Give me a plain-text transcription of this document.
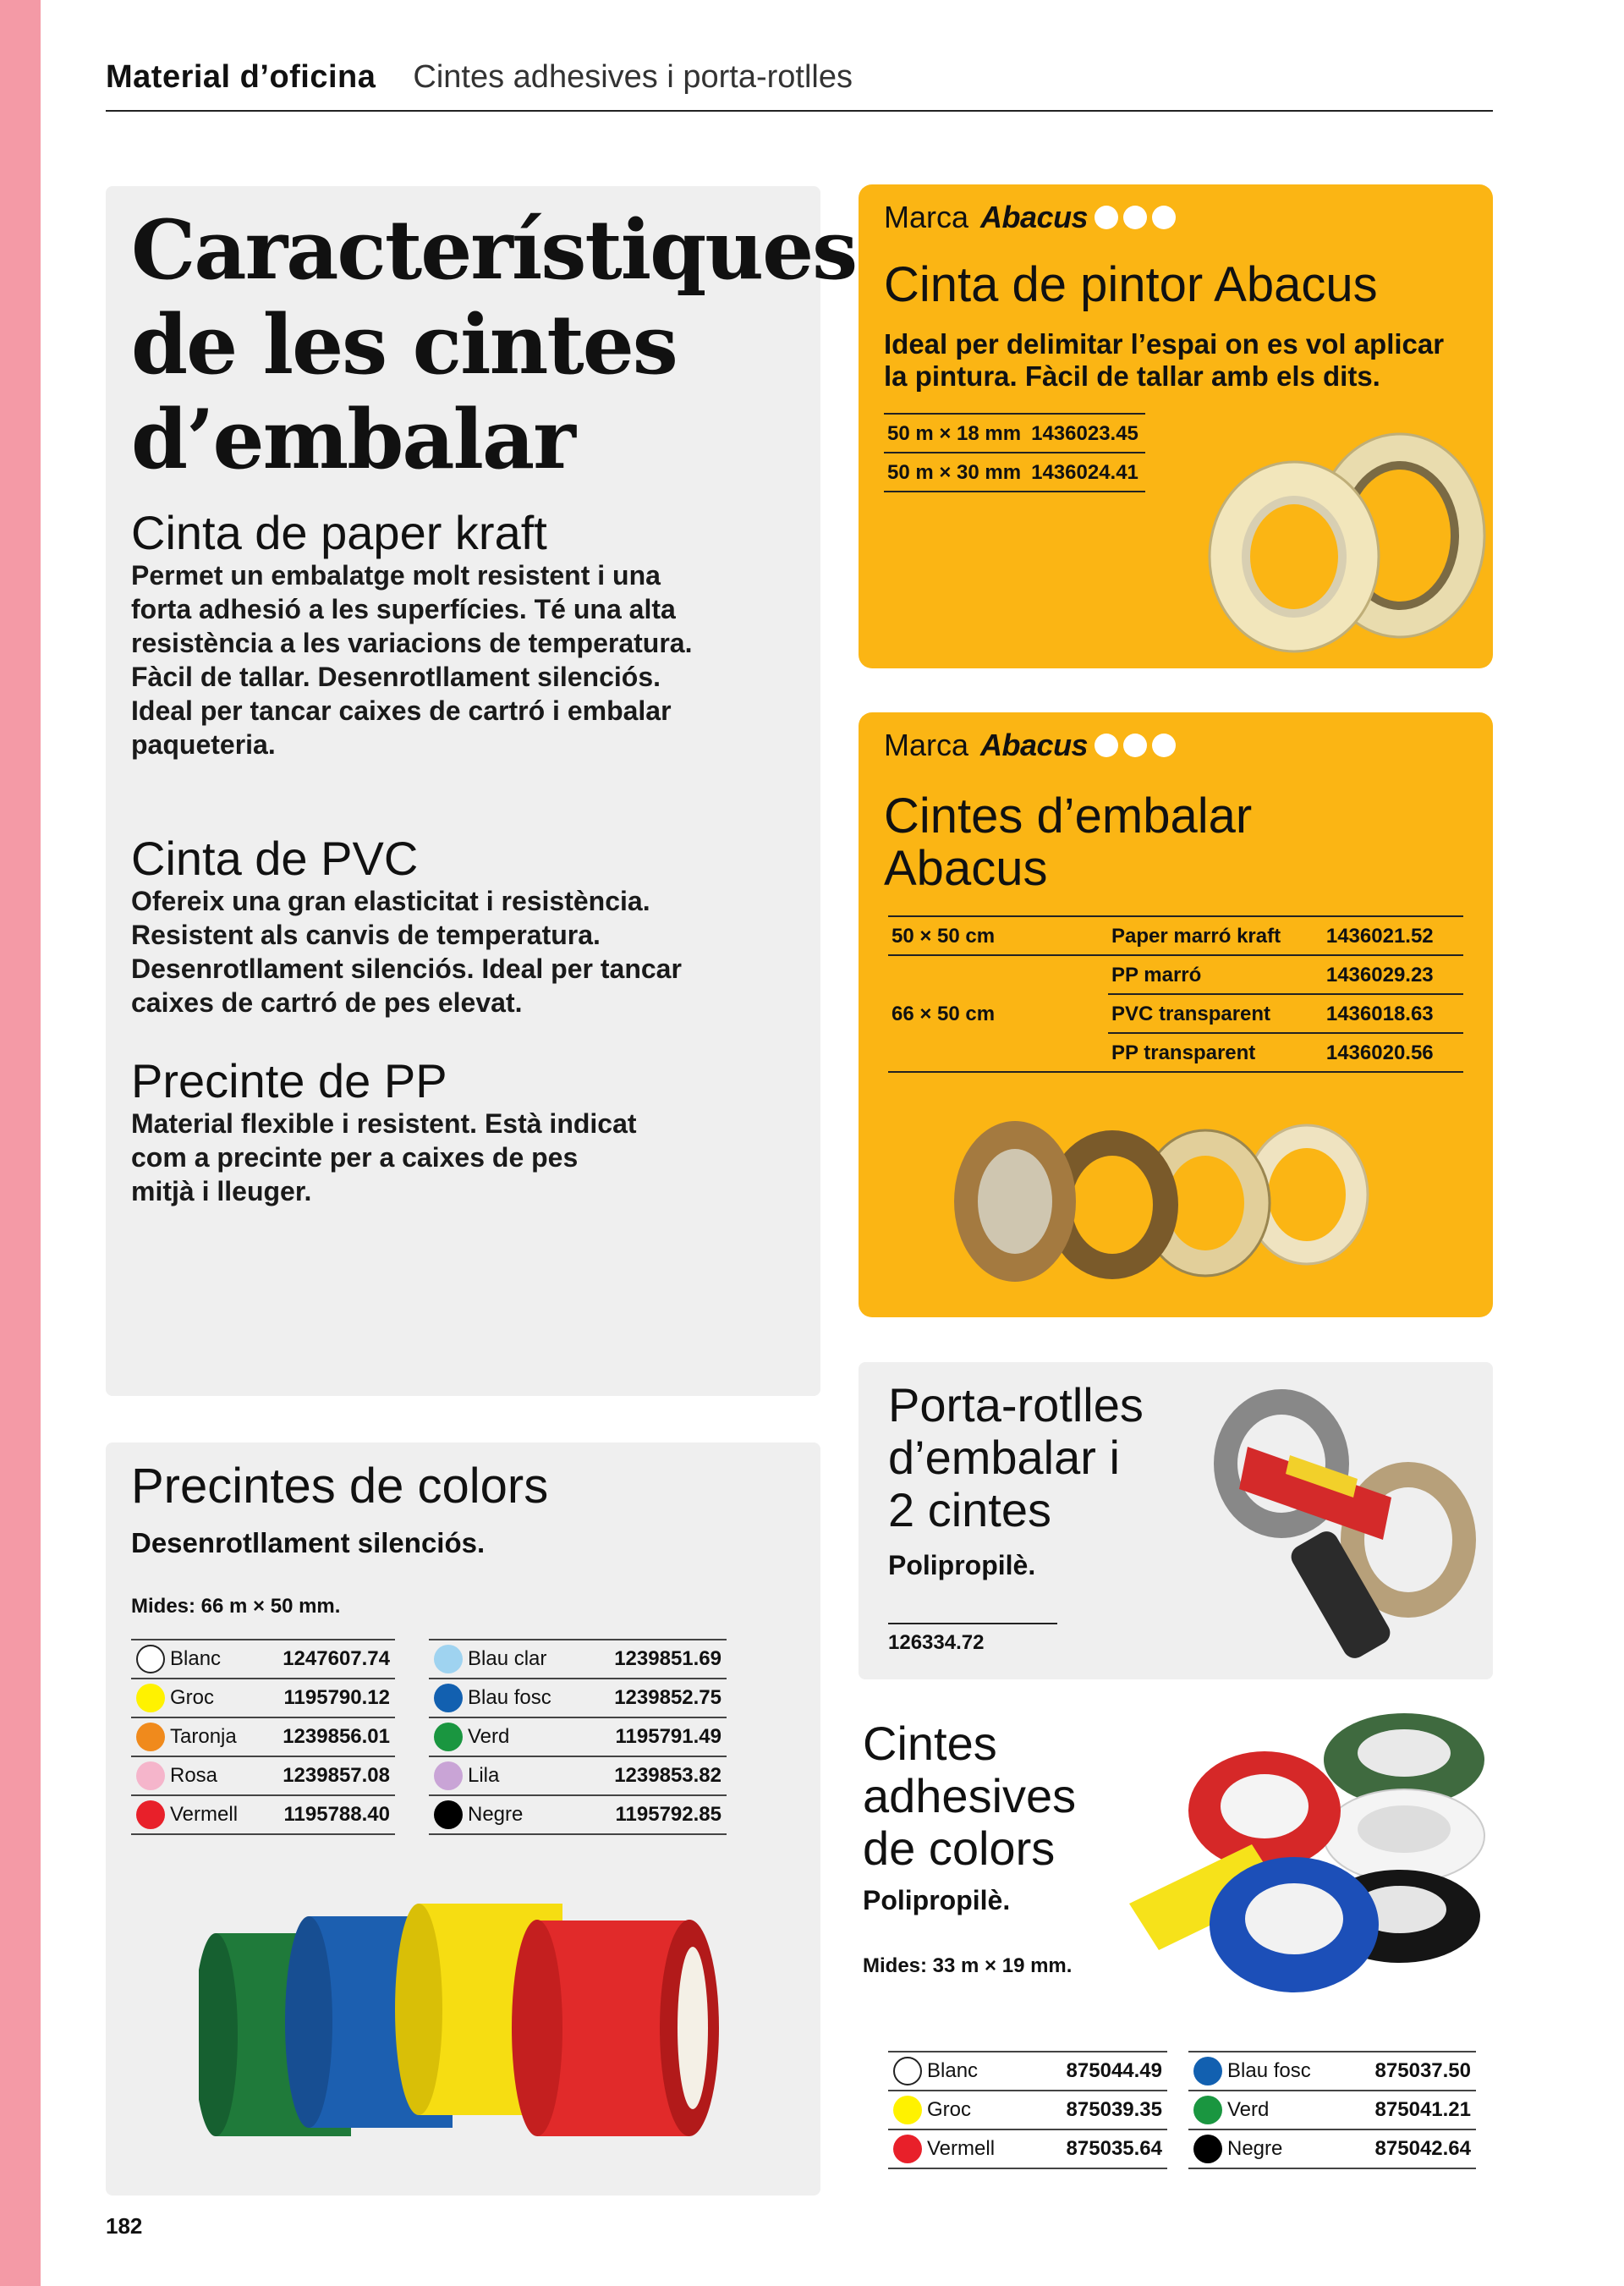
Material d’oficina Cintes adhesives i porta-rotlles
Característiques
de les cintes
d’embalar
Cinta de paper kraft

Permet un embalatge molt resistent i una forta adhesió a les superfícies. Té una alta resistència a les variacions de temperatura. Fàcil de tallar. Desenrotllament silenciós. Ideal per tancar caixes de cartró i embalar paqueteria.

Cinta de PVC

Ofereix una gran elasticitat i resistència. Resistent als canvis de temperatura. Desenrotllament silenciós. Ideal per tancar caixes de cartró de pes elevat.

Precinte de PP

Material flexible i resistent. Està indicat com a precinte per a caixes de pes mitjà i lleuger.

Marca Abacus
Cinta de pintor Abacus
Ideal per delimitar l’espai on es vol aplicar la pintura. Fàcil de tallar amb els dits.
50 m × 18 mm	1436023.45
50 m × 30 mm	1436024.41
Marca Abacus
Cintes d’embalar
Abacus
50 × 50 cm	Paper marró kraft	1436021.52
	PP marró	1436029.23
66 × 50 cm	PVC transparent	1436018.63
	PP transparent	1436020.56
Porta-rotlles
d’embalar i
2 cintes
Polipropilè.
126334.72
Precintes de colors
Desenrotllament silenciós.
Mides: 66 m × 50 mm.
Blanc	1247607.74
Groc	1195790.12
Taronja	1239856.01
Rosa	1239857.08
Vermell	1195788.40
Blau clar	1239851.69
Blau fosc	1239852.75
Verd	1195791.49
Lila	1239853.82
Negre	1195792.85
Cintes
adhesives
de colors
Polipropilè.
Mides: 33 m × 19 mm.
Blanc	875044.49
Groc	875039.35
Vermell	875035.64
Blau fosc	875037.50
Verd	875041.21
Negre	875042.64
182
